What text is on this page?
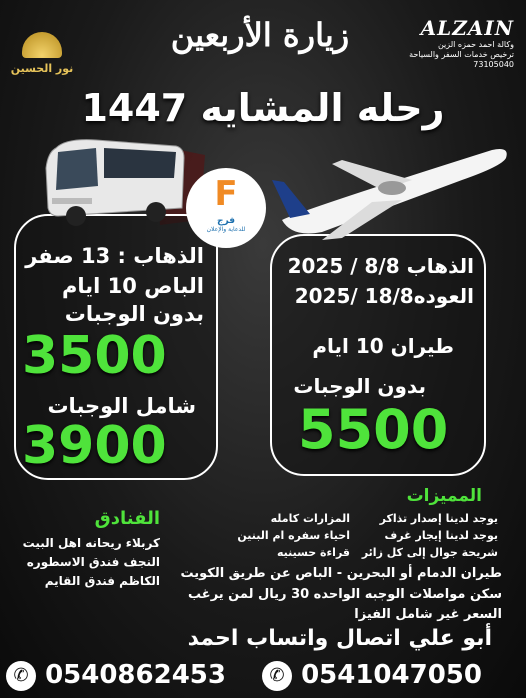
نور الحسين
ALZAIN
وكالة احمد حمزه الزين
ترخيص خدمات السفر والسياحة
73105040
زيارة الأربعين
رحله المشايه 1447
F
فرج
للدعاية والإعلان
الذهاب : 13 صفر
الباص 10 ايام
بدون الوجبات
3500
شامل الوجبات
3900
الذهاب 8/8 / 2025
العوده18/8 /2025
طيران 10 ايام
بدون الوجبات
5500
المميزات
يوجد لدينا إصدار تذاكر
يوجد لدينا إيجار غرف
شريحة جوال إلى كل زائر
المزارات كامله
احياء سفره ام البنين
قراءة حسينيه
طيران الدمام أو البحرين - الباص عن طريق الكويت
سكن مواصلات الوجبه الواحده 30 ريال لمن يرغب
السعر غير شامل الفيزا
الفنادق
كربلاء ريحانه اهل البيت
النجف فندق الاسطوره
الكاظم فندق القايم
أبو علي اتصال واتساب احمد
✆ 0540862453	✆ 0541047050
